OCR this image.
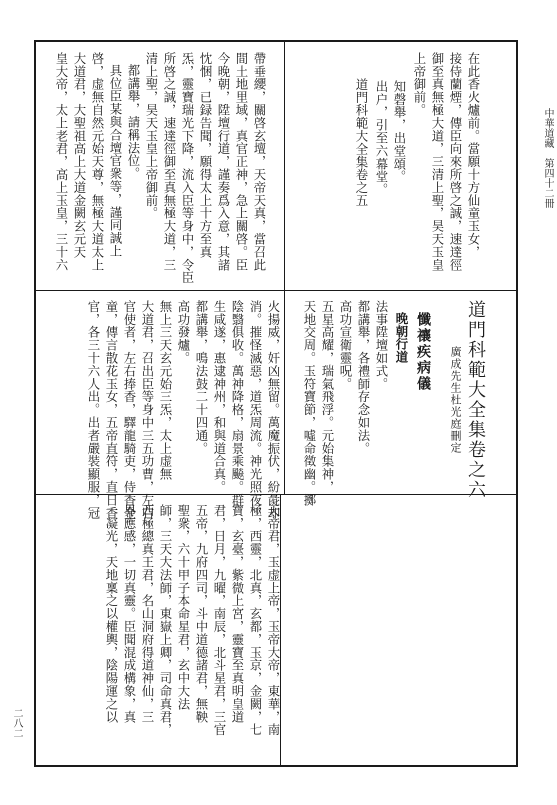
中華道藏　第四十二冊
二八二
在此香火爐前。當願十方仙童玉女，
接侍蘭煙，傳臣向來所啓之誠，速達徑
御至真無極大道，三清上聖，昊天玉皇
上帝御前。
知磬舉，出堂頌。
出户，引至六幕堂。
道門科範大全集卷之五
道門科範大全集卷之六
廣成先生杜光庭刪定
懺禳疾病儀
晚朝行道
法事陞壇如式。
都講舉，各禮師存念如法。
高功宣衛靈呪。
五星高耀，瑞氣飛浮。元始集神，
天地交周。玉符寶節，噓命徵幽。擲
火揚威，奸凶無留。萬魔振伏，紛彘却
消。摧怪滅惡，道炁周流。神光照夜，
陰翳俱收。萬神降格，扇景乘飈。群
生咸遂，惠逮神州，和與道合真。
都講舉，鳴法鼓二十四通。
高功發爐。
無上三天玄元始三炁，太上虚無
大道君，召出臣等身中三五功曹，左右
官使者，左右捧香，驛龍騎吏，侍香金
童，傳言散花玉女，五帝直符，直日香
官，各三十六人出。出者嚴裝顯服，冠
帶垂纓，關啓玄壇，天帝天真，當召此
間土地里域，真官正神，急上關啓。臣
今晚朝，陞壇行道，謹奏爲入意，其諸
忱悃，已録告聞，願得太上十方至真
炁，靈寶瑞光下降，流入臣等身中，令臣
所啓之誠，速達徑御至真無極大道，三
清上聖，昊天玉皇上帝御前。
都講舉，請稱法位。
具位臣某與合壇官衆等，謹同誠上
啓，虚無自然元始天尊，無極大道太上
大道君，大聖祖高上大道金闕玄元天
皇大帝，太上老君，高上玉皇，三十六
天帝君，玉虚上帝，玉帝大帝，東華，南
極，西靈，北真，玄都，玉京，金闕，七
寶，玄臺，紫微上宮，靈寶至真明皇道
君，日月，九曜，南辰，北斗星君，三官
五帝，九府四司，斗中道德諸君，無鞅
聖衆，六十甲子本命星君，玄中大法
師，三天大法師，東嶽上卿，司命真君，
西極總真王君，名山洞府得道神仙，三
界應感，一切真靈。臣聞混成構象，真
一凝光，天地稟之以權輿，陰陽運之以
